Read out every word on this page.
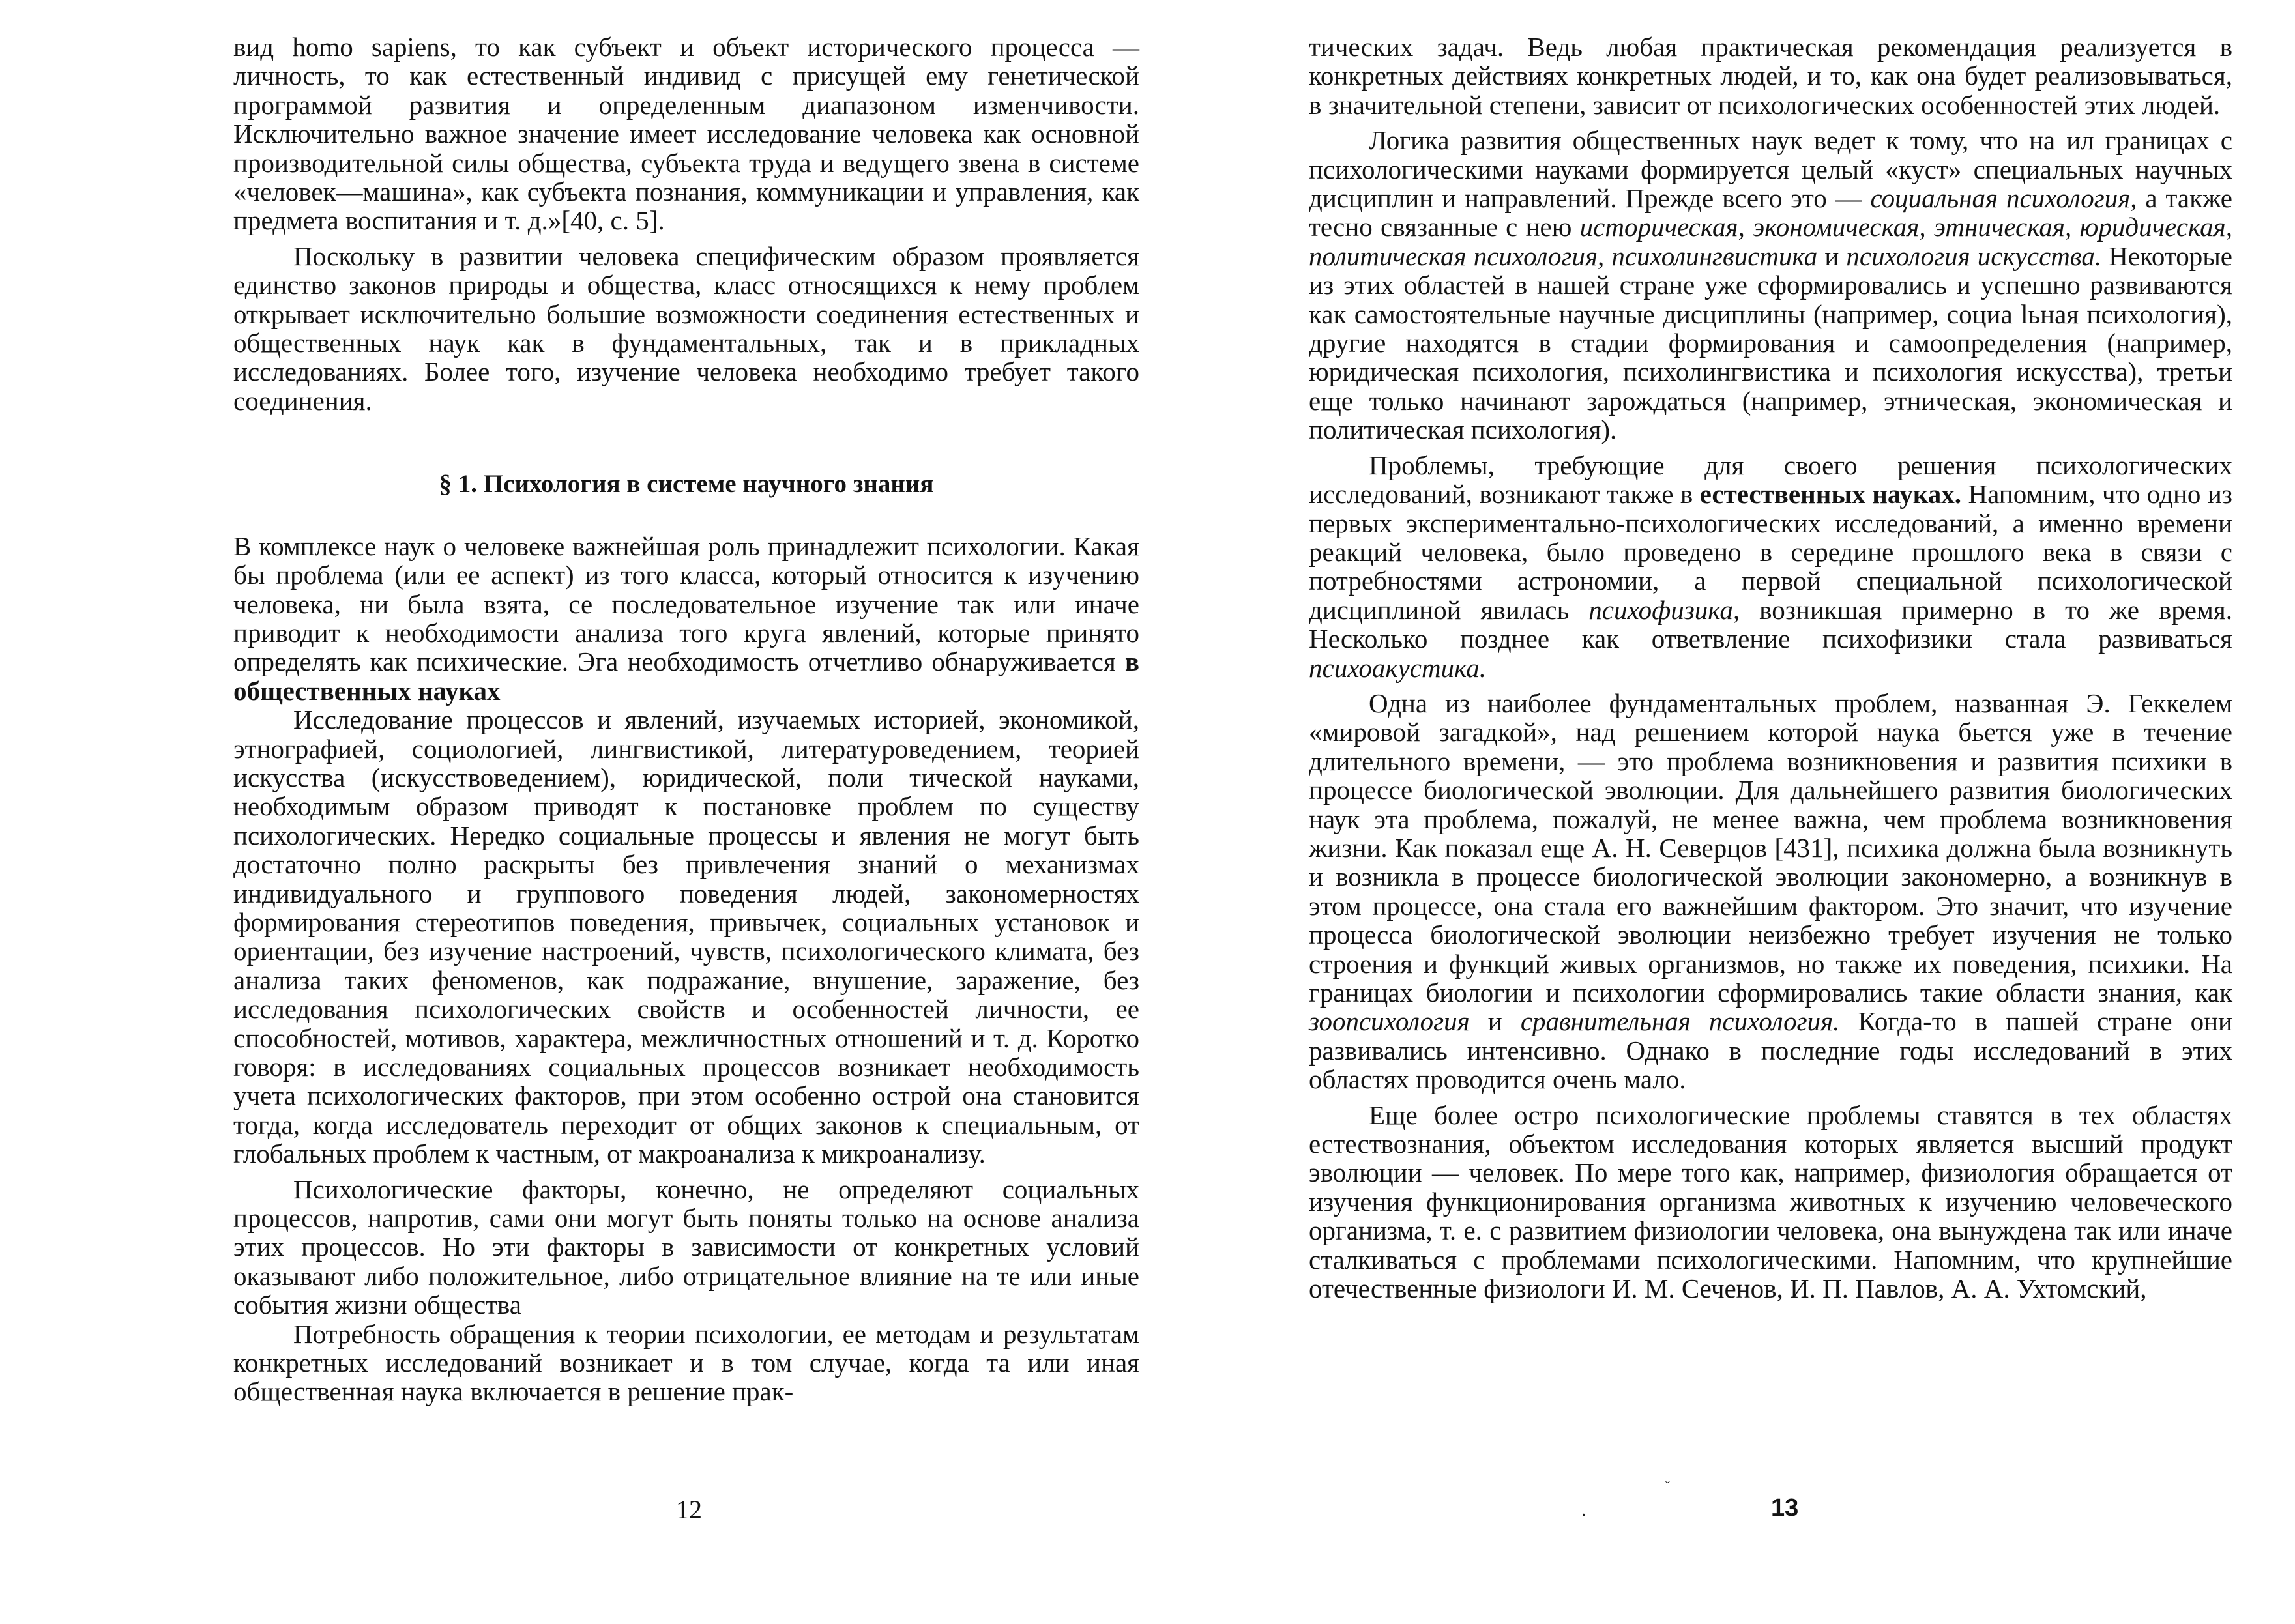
вид homo sapiens, то как субъект и объект исторического процесса — личность, то как естественный индивид с присущей ему генетической программой развития и определенным диапазоном изменчивости. Исключительно важное значение имеет исследование человека как основной производительной силы общества, субъекта труда и ведущего звена в системе «человек—машина», как субъекта познания, коммуникации и управления, как предмета воспитания и т. д.»[40, с. 5].

Поскольку в развитии человека специфическим образом проявляется единство законов природы и общества, класс относящихся к нему проблем открывает исключительно большие возможности соединения естественных и общественных наук как в фундаментальных, так и в прикладных исследованиях. Более того, изучение человека необходимо требует такого соединения.

§ 1. Психология в системе научного знания

В комплексе наук о человеке важнейшая роль принадлежит психологии. Какая бы проблема (или ее аспект) из того класса, который относится к изучению человека, ни была взята, се последовательное изучение так или иначе приводит к необходимости анализа того круга явлений, которые принято определять как психические. Эга необходимость отчетливо обнаруживается в общественных науках

Исследование процессов и явлений, изучаемых историей, экономикой, этнографией, социологией, лингвистикой, литературоведением, теорией искусства (искусствоведением), юридической, поли тической науками, необходимым образом приводят к постановке проблем по существу психологических. Нередко социальные процессы и явления не могут быть достаточно полно раскрыты без привлечения знаний о механизмах индивидуального и группового поведения людей, закономерностях формирования стереотипов поведения, привычек, социальных установок и ориентации, без изучение настроений, чувств, психологического климата, без анализа таких феноменов, как подражание, внушение, заражение, без исследования психологических свойств и особенностей личности, ее способностей, мотивов, характера, межличностных отношений и т. д. Коротко говоря: в исследованиях социальных процессов возникает необходимость учета психологических факторов, при этом особенно острой она становится тогда, когда исследователь переходит от общих законов к специальным, от глобальных проблем к частным, от макроанализа к микроанализу.

Психологические факторы, конечно, не определяют социальных процессов, напротив, сами они могут быть поняты только на основе анализа этих процессов. Но эти факторы в зависимости от конкретных условий оказывают либо положительное, либо отрицательное влияние на те или иные события жизни общества

Потребность обращения к теории психологии, ее методам и результатам конкретных исследований возникает и в том случае, когда та или иная общественная наука включается в решение прак-

12

тических задач. Ведь любая практическая рекомендация реализуется в конкретных действиях конкретных людей, и то, как она будет реализовываться, в значительной степени, зависит от психологических особенностей этих людей.

Логика развития общественных наук ведет к тому, что на ил границах с психологическими науками формируется целый «куст» специальных научных дисциплин и направлений. Прежде всего это — социальная психология, а также тесно связанные с нею историческая, экономическая, этническая, юридическая, политическая психология, психолингвистика и психология искусства. Некоторые из этих областей в нашей стране уже сформировались и успешно развиваются как самостоятельные научные дисциплины (например, социа lьная психология), другие находятся в стадии формирования и самоопределения (например, юридическая психология, психолингвистика и психология искусства), третьи еще только начинают зарождаться (например, этническая, экономическая и политическая психология).

Проблемы, требующие для своего решения психологических исследований, возникают также в естественных науках. Напомним, что одно из первых экспериментально-психологических исследований, а именно времени реакций человека, было проведено в середине прошлого века в связи с потребностями астрономии, а первой специальной психологической дисциплиной явилась психофизика, возникшая примерно в то же время. Несколько позднее как ответвление психофизики стала развиваться психоакустика.

Одна из наиболее фундаментальных проблем, названная Э. Геккелем «мировой загадкой», над решением которой наука бьется уже в течение длительного времени, — это проблема возникновения и развития психики в процессе биологической эволюции. Для дальнейшего развития биологических наук эта проблема, пожалуй, не менее важна, чем проблема возникновения жизни. Как показал еще А. Н. Северцов [431], психика должна была возникнуть и возникла в процессе биологической эволюции закономерно, а возникнув в этом процессе, она стала его важнейшим фактором. Это значит, что изучение процесса биологической эволюции неизбежно требует изучения не только строения и функций живых организмов, но также их поведения, психики. На границах биологии и психологии сформировались такие области знания, как зоопсихология и сравнительная психология. Когда-то в пашей стране они развивались интенсивно. Однако в последние годы исследований в этих областях проводится очень мало.

Еще более остро психологические проблемы ставятся в тех областях естествознания, объектом исследования которых является высший продукт эволюции — человек. По мере того как, например, физиология обращается от изучения функционирования организма животных к изучению человеческого организма, т. е. с развитием физиологии человека, она вынуждена так или иначе сталкиваться с проблемами психологическими. Напомним, что крупнейшие отечественные физиологи И. М. Сеченов, И. П. Павлов, А. А. Ухтомский,

.
ˇ
13
